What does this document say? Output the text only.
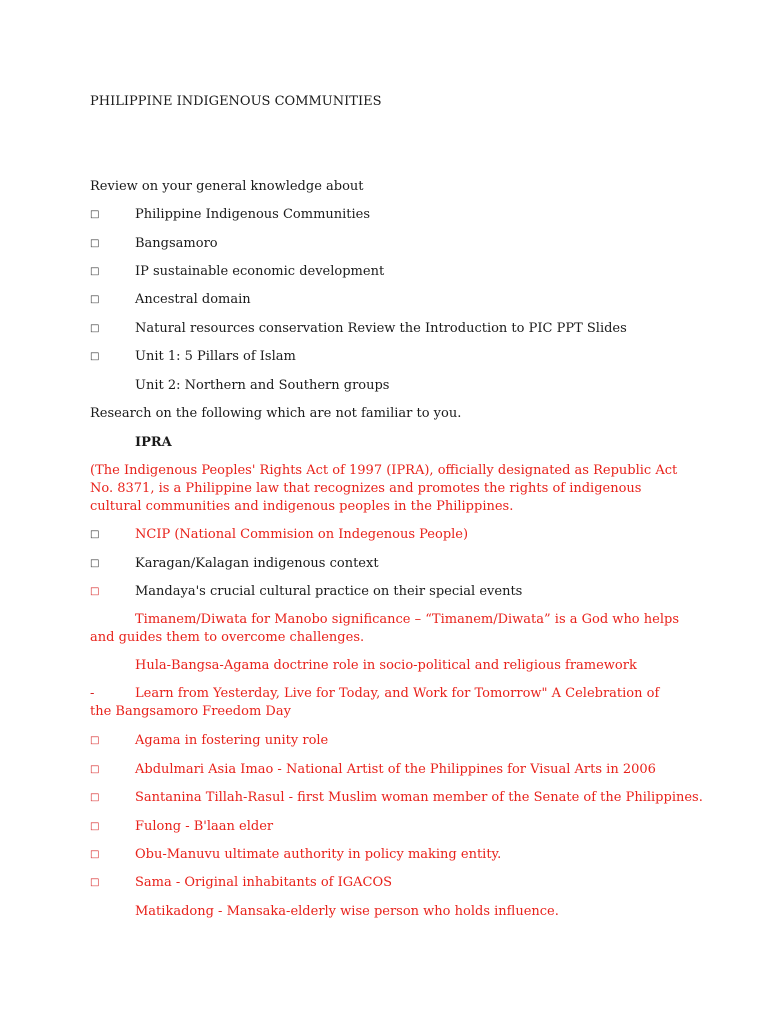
PHILIPPINE INDIGENOUS COMMUNITIES
Review on your general knowledge about
□	Philippine Indigenous Communities
□	Bangsamoro
□	IP sustainable economic development
□	Ancestral domain
□	Natural resources conservation Review the Introduction to PIC PPT Slides
□	Unit 1: 5 Pillars of Islam
Unit 2: Northern and Southern groups
Research on the following which are not familiar to you.
IPRA
(The Indigenous Peoples' Rights Act of 1997 (IPRA), officially designated as Republic Act No. 8371, is a Philippine law that recognizes and promotes the rights of indigenous cultural communities and indigenous peoples in the Philippines.
□	NCIP (National Commision on Indegenous People)
□	Karagan/Kalagan indigenous context
□	Mandaya's crucial cultural practice on their special events
Timanem/Diwata for Manobo significance – “Timanem/Diwata” is a God who helps and guides them to overcome challenges.
Hula-Bangsa-Agama doctrine role in socio-political and religious framework
-	Learn from Yesterday, Live for Today, and Work for Tomorrow" A Celebration of the Bangsamoro Freedom Day
□	Agama in fostering unity role
□	Abdulmari Asia Imao - National Artist of the Philippines for Visual Arts in 2006
□	Santanina Tillah-Rasul - first Muslim woman member of the Senate of the Philippines.
□	Fulong - B'laan elder
□	Obu-Manuvu ultimate authority in policy making entity.
□	Sama - Original inhabitants of IGACOS
Matikadong - Mansaka-elderly wise person who holds influence.
